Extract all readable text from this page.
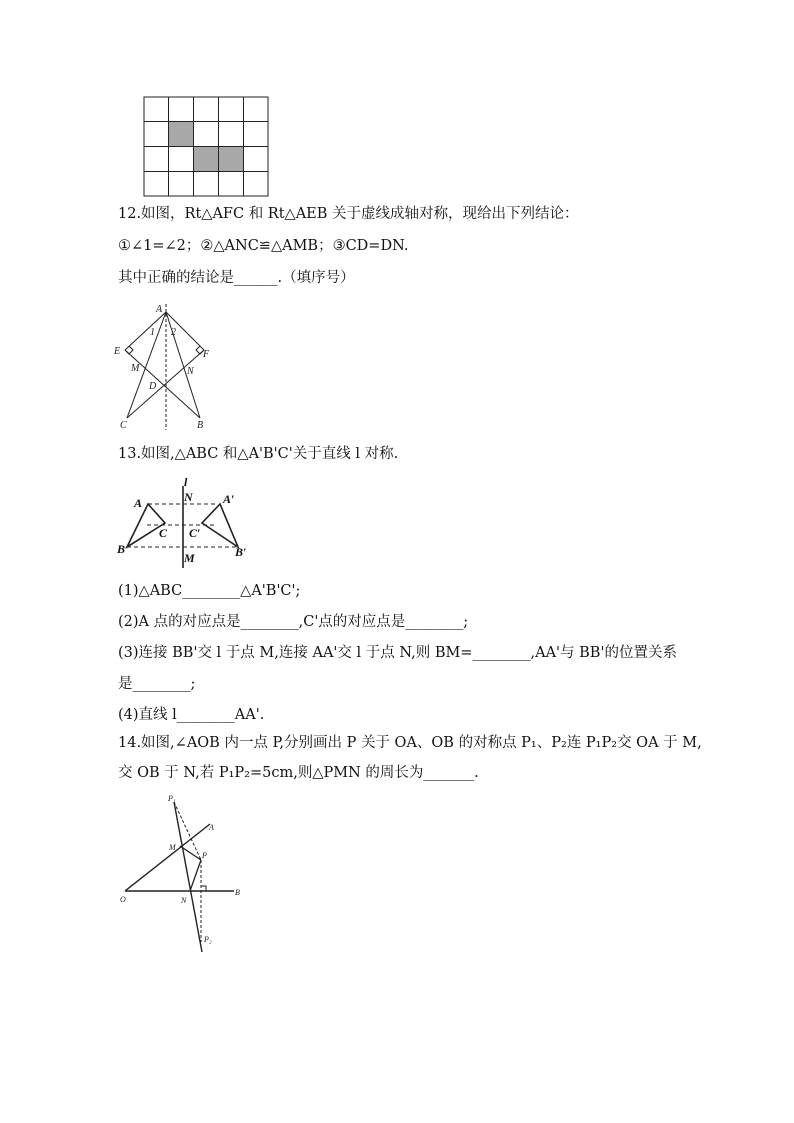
12.如图，Rt△AFC 和 Rt△AEB 关于虚线成轴对称，现给出下列结论：
①∠1=∠2；②△ANC≌△AMB；③CD=DN.
其中正确的结论是______.（填序号）
A
1 2
E	F
M	N
D
C	B
13.如图,△ABC 和△A'B'C'关于直线 l 对称.
l
N
A	A′
C C′
B	B′
M
(1)△ABC________△A'B'C';
(2)A 点的对应点是________,C'点的对应点是________;
(3)连接 BB'交 l 于点 M,连接 AA'交 l 于点 N,则 BM=________,AA'与 BB'的位置关系
是________;
(4)直线 l________AA'.
14.如图,∠AOB 内一点 P,分别画出 P 关于 OA、OB 的对称点 P₁、P₂连 P₁P₂交 OA 于 M,
交 OB 于 N,若 P₁P₂=5cm,则△PMN 的周长为_______.
P₁
A
M
P
O	N
B
P₂
